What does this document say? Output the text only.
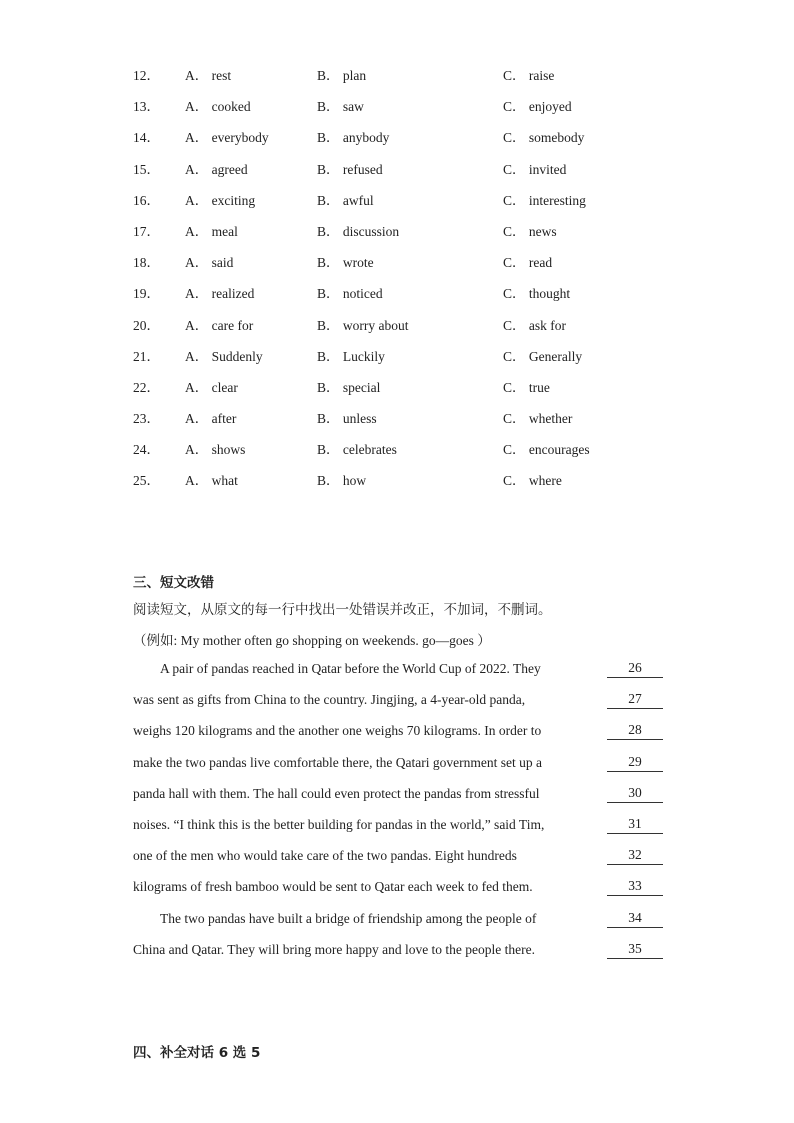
12． A． rest	B． plan	C． raise
13． A． cooked	B． saw	C． enjoyed
14． A． everybody	B． anybody	C． somebody
15． A． agreed	B． refused	C． invited
16． A． exciting	B． awful	C． interesting
17． A． meal	B． discussion	C． news
18． A． said	B． wrote	C． read
19． A． realized	B． noticed	C． thought
20． A． care for	B． worry about	C． ask for
21． A． Suddenly	B． Luckily	C． Generally
22． A． clear	B． special	C． true
23． A． after	B． unless	C． whether
24． A． shows	B． celebrates	C． encourages
25． A． what	B． how	C． where
三、短文改错
阅读短文，从原文的每一行中找出一处错误并改正，不加词，不删词。
（例如: My mother often go shopping on weekends. go—goes ）
A pair of pandas reached in Qatar before the World Cup of 2022. They	26
was sent as gifts from China to the country. Jingjing, a 4-year-old panda,	27
weighs 120 kilograms and the another one weighs 70 kilograms. In order to	28
make the two pandas live comfortable there, the Qatari government set up a	29
panda hall with them. The hall could even protect the pandas from stressful	30
noises. “I think this is the better building for pandas in the world,” said Tim,	31
one of the men who would take care of the two pandas. Eight hundreds	32
kilograms of fresh bamboo would be sent to Qatar each week to fed them.	33
The two pandas have built a bridge of friendship among the people of	34
China and Qatar. They will bring more happy and love to the people there.	35
四、补全对话 6 选 5
